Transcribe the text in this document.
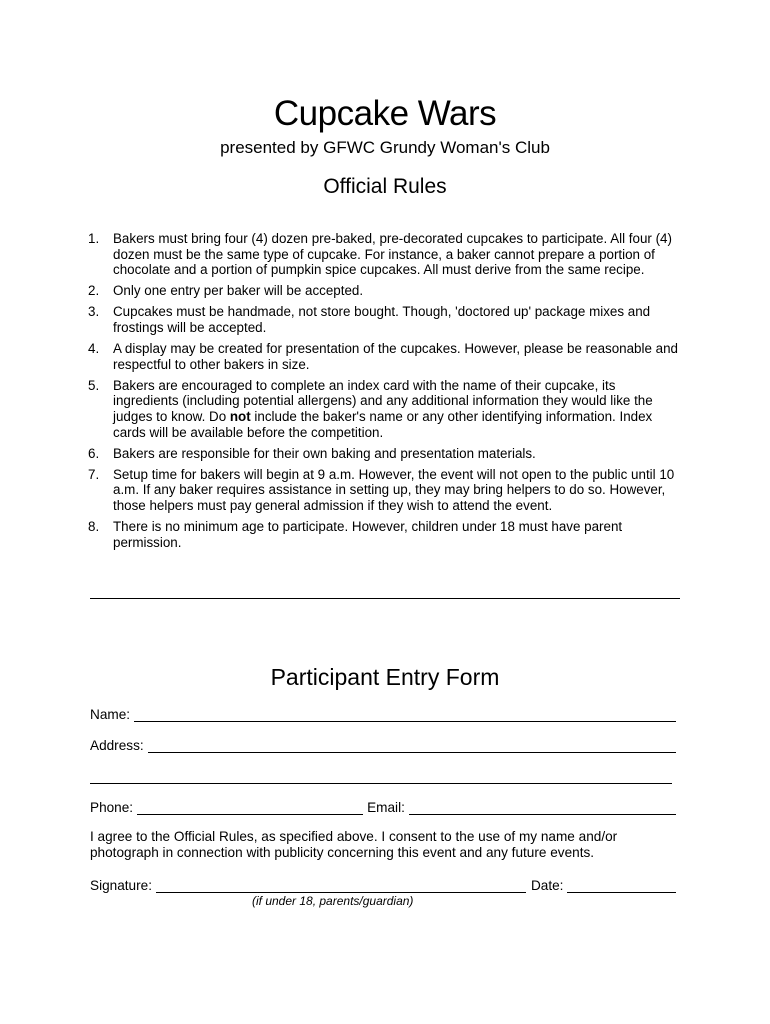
Cupcake Wars
presented by GFWC Grundy Woman's Club
Official Rules
1. Bakers must bring four (4) dozen pre-baked, pre-decorated cupcakes to participate. All four (4) dozen must be the same type of cupcake. For instance, a baker cannot prepare a portion of chocolate and a portion of pumpkin spice cupcakes. All must derive from the same recipe.
2. Only one entry per baker will be accepted.
3. Cupcakes must be handmade, not store bought. Though, 'doctored up' package mixes and frostings will be accepted.
4. A display may be created for presentation of the cupcakes. However, please be reasonable and respectful to other bakers in size.
5. Bakers are encouraged to complete an index card with the name of their cupcake, its ingredients (including potential allergens) and any additional information they would like the judges to know. Do not include the baker's name or any other identifying information. Index cards will be available before the competition.
6. Bakers are responsible for their own baking and presentation materials.
7. Setup time for bakers will begin at 9 a.m. However, the event will not open to the public until 10 a.m. If any baker requires assistance in setting up, they may bring helpers to do so. However, those helpers must pay general admission if they wish to attend the event.
8. There is no minimum age to participate. However, children under 18 must have parent permission.
Participant Entry Form
Name:
Address:
Phone:	Email:
I agree to the Official Rules, as specified above. I consent to the use of my name and/or photograph in connection with publicity concerning this event and any future events.
Signature:	Date:
(if under 18, parents/guardian)
